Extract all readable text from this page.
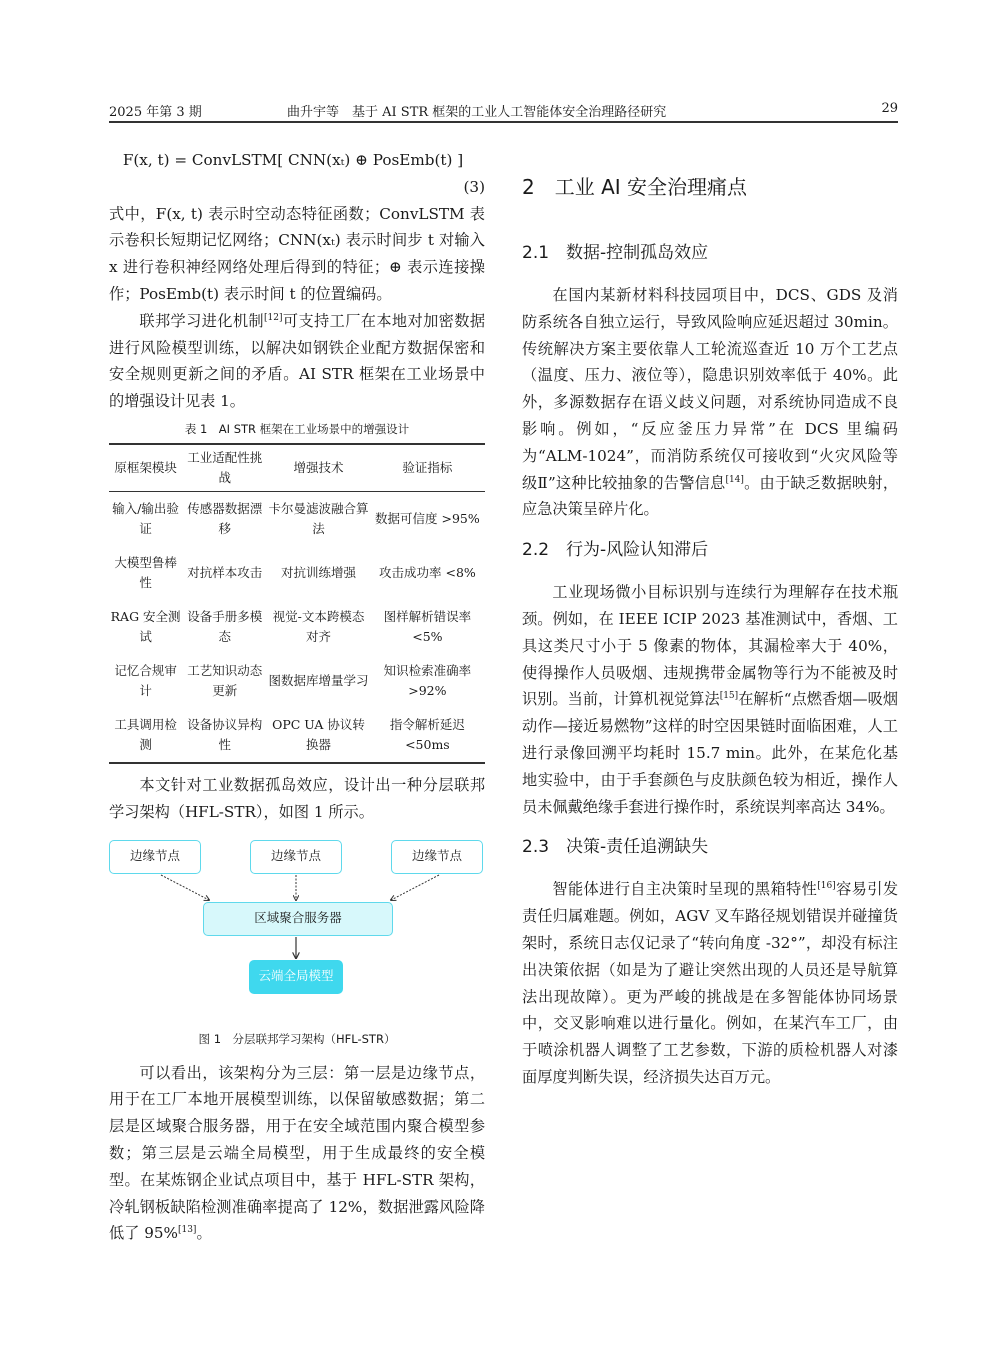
2025 年第 3 期	曲升宇等　基于 AI STR 框架的工业人工智能体安全治理路径研究	29

F(x, t) = ConvLSTM[ CNN(xₜ) ⊕ PosEmb(t) ]

(3)

式中，F(x, t) 表示时空动态特征函数；ConvLSTM 表示卷积长短期记忆网络；CNN(xₜ) 表示时间步 t 对输入 x 进行卷积神经网络处理后得到的特征；⊕ 表示连接操作；PosEmb(t) 表示时间 t 的位置编码。

联邦学习进化机制[12]可支持工厂在本地对加密数据进行风险模型训练，以解决如钢铁企业配方数据保密和安全规则更新之间的矛盾。AI STR 框架在工业场景中的增强设计见表 1。

表 1　AI STR 框架在工业场景中的增强设计
原框架模块	工业适配性挑战	增强技术	验证指标
输入/输出验证	传感器数据漂移	卡尔曼滤波融合算法	数据可信度 >95%
大模型鲁棒性	对抗样本攻击	对抗训练增强	攻击成功率 <8%
RAG 安全测试	设备手册多模态	视觉-文本跨模态对齐	图样解析错误率 <5%
记忆合规审计	工艺知识动态更新	图数据库增量学习	知识检索准确率 >92%
工具调用检测	设备协议异构性	OPC UA 协议转换器	指令解析延迟 <50ms

本文针对工业数据孤岛效应，设计出一种分层联邦学习架构（HFL-STR），如图 1 所示。

边缘节点	边缘节点	边缘节点
区域聚合服务器
云端全局模型
图 1　分层联邦学习架构（HFL-STR）

可以看出，该架构分为三层：第一层是边缘节点，用于在工厂本地开展模型训练，以保留敏感数据；第二层是区域聚合服务器，用于在安全域范围内聚合模型参数；第三层是云端全局模型，用于生成最终的安全模型。在某炼钢企业试点项目中，基于 HFL-STR 架构，冷轧钢板缺陷检测准确率提高了 12%，数据泄露风险降低了 95%[13]。

2　工业 AI 安全治理痛点
2.1　数据-控制孤岛效应

在国内某新材料科技园项目中，DCS、GDS 及消防系统各自独立运行，导致风险响应延迟超过 30min。传统解决方案主要依靠人工轮流巡查近 10 万个工艺点（温度、压力、液位等），隐患识别效率低于 40%。此外，多源数据存在语义歧义问题，对系统协同造成不良影响。例如，“反应釜压力异常”在 DCS 里编码为“ALM-1024”，而消防系统仅可接收到“火灾风险等级Ⅱ”这种比较抽象的告警信息[14]。由于缺乏数据映射，应急决策呈碎片化。

2.2　行为-风险认知滞后

工业现场微小目标识别与连续行为理解存在技术瓶颈。例如，在 IEEE ICIP 2023 基准测试中，香烟、工具这类尺寸小于 5 像素的物体，其漏检率大于 40%，使得操作人员吸烟、违规携带金属物等行为不能被及时识别。当前，计算机视觉算法[15]在解析“点燃香烟—吸烟动作—接近易燃物”这样的时空因果链时面临困难，人工进行录像回溯平均耗时 15.7 min。此外，在某危化基地实验中，由于手套颜色与皮肤颜色较为相近，操作人员未佩戴绝缘手套进行操作时，系统误判率高达 34%。

2.3　决策-责任追溯缺失

智能体进行自主决策时呈现的黑箱特性[16]容易引发责任归属难题。例如，AGV 叉车路径规划错误并碰撞货架时，系统日志仅记录了“转向角度 -32°”，却没有标注出决策依据（如是为了避让突然出现的人员还是导航算法出现故障）。更为严峻的挑战是在多智能体协同场景中，交叉影响难以进行量化。例如，在某汽车工厂，由于喷涂机器人调整了工艺参数，下游的质检机器人对漆面厚度判断失误，经济损失达百万元。
